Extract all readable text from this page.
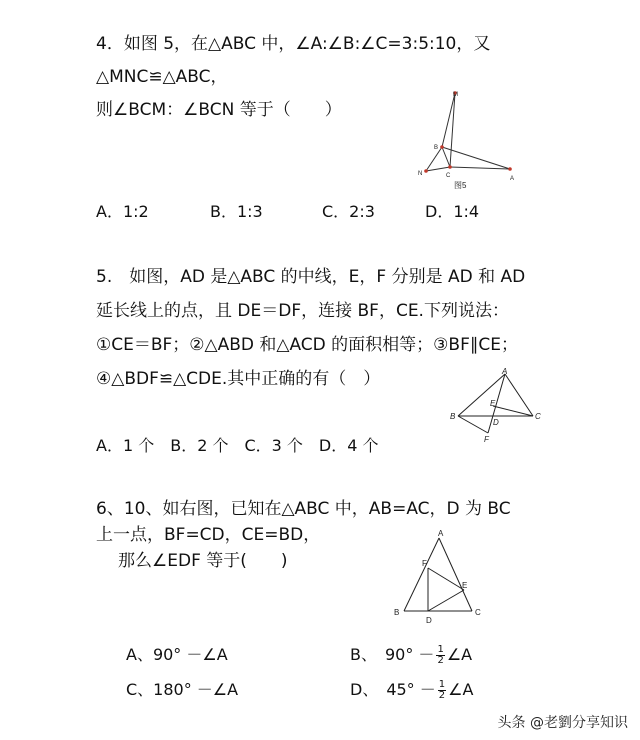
4．如图 5，在△ABC 中，∠A:∠B:∠C=3:5:10，又
△MNC≌△ABC，
则∠BCM：∠BCN 等于（　　）
M
B
N	C	A
图5
A．1:2	B．1:3	C．2:3	D．1:4
5.　如图，AD 是△ABC 的中线，E，F 分别是 AD 和 AD
延长线上的点，且 DE＝DF，连接 BF，CE.下列说法：
①CE＝BF；②△ABD 和△ACD 的面积相等；③BF∥CE；
④△BDF≌△CDE.其中正确的有（　）	A
B	C
D
E
F
A．1 个　B．2 个　C．3 个　D．4 个
6、10、如右图，已知在△ABC 中，AB=AC，D 为 BC
上一点，BF=CD，CE=BD，
那么∠EDF 等于(　　)
A
B	C
D
E
F
A、90° －∠A	B、　$90^\circ - \frac{1}{2}$ ∠A
C、180° －∠A	D、　$45^\circ - \frac{1}{2}$ ∠A
头条 @老劉分享知识
